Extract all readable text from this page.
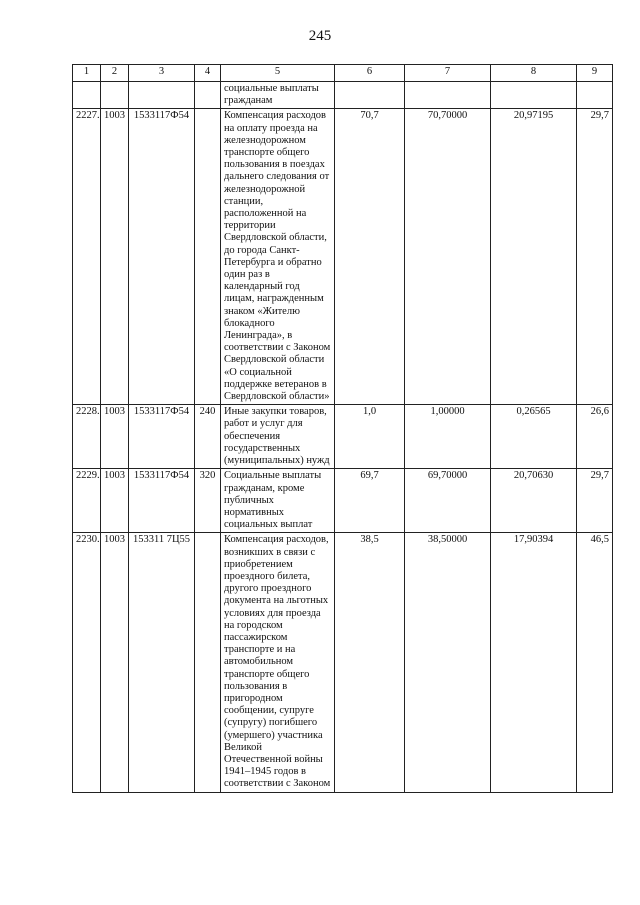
245
1	2	3	4	5	6	7	8	9
				социальные выплаты гражданам				
2227.	1003	1533117Ф54		Компенсация расходов на оплату проезда на железнодорожном транспорте общего пользования в поездах дальнего следования от железнодорожной станции, расположенной на территории Свердловской области, до города Санкт-Петербурга и обратно один раз в календарный год лицам, награжденным знаком «Жителю блокадного Ленинграда», в соответствии с Законом Свердловской области «О социальной поддержке ветеранов в Свердловской области»	70,7	70,70000	20,97195	29,7
2228.	1003	1533117Ф54	240	Иные закупки товаров, работ и услуг для обеспечения государственных (муниципальных) нужд	1,0	1,00000	0,26565	26,6
2229.	1003	1533117Ф54	320	Социальные выплаты гражданам, кроме публичных нормативных социальных выплат	69,7	69,70000	20,70630	29,7
2230.	1003	153311 7Ц55		Компенсация расходов, возникших в связи с приобретением проездного билета, другого проездного документа на льготных условиях для проезда на городском пассажирском транспорте и на автомобильном транспорте общего пользования в пригородном сообщении, супруге (супругу) погибшего (умершего) участника Великой Отечественной войны 1941–1945 годов в соответствии с Законом	38,5	38,50000	17,90394	46,5
